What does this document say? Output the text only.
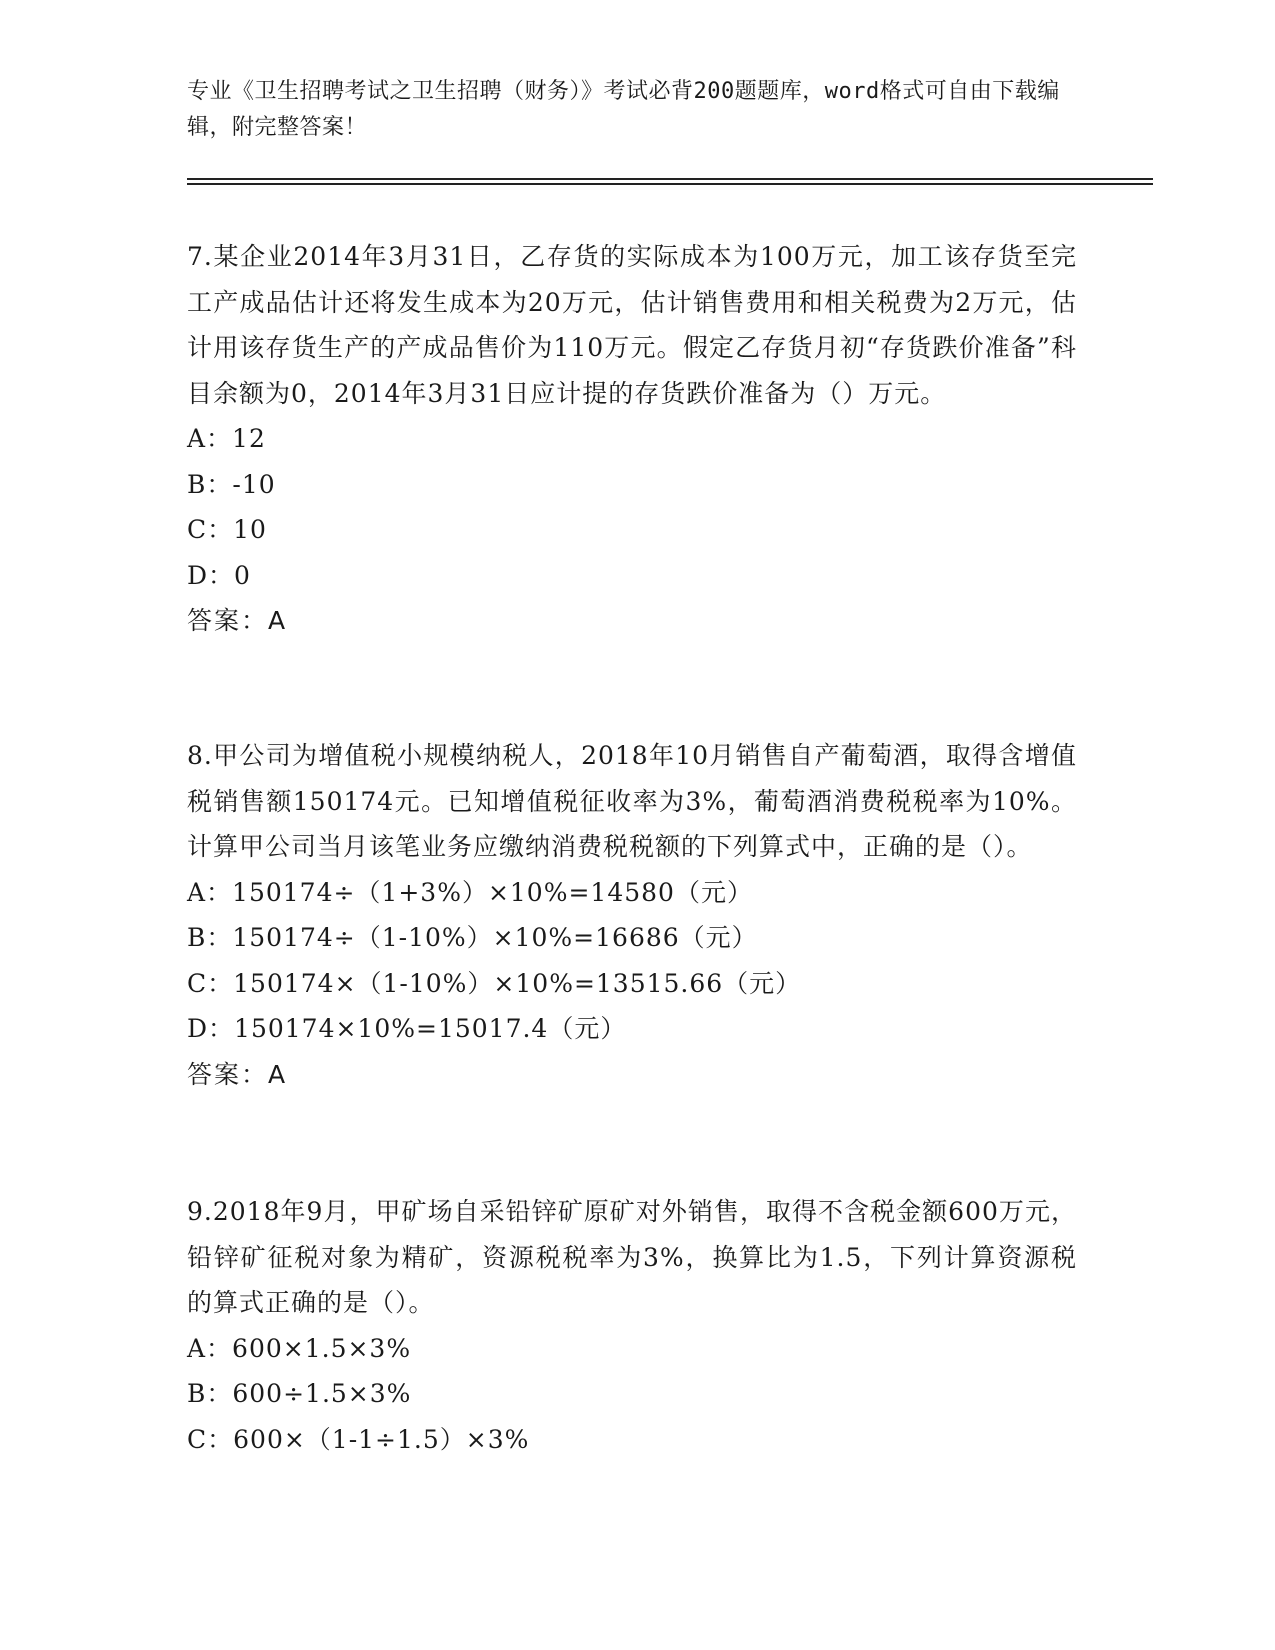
专业《卫生招聘考试之卫生招聘（财务）》考试必背200题题库，word格式可自由下载编辑，附完整答案！

7.某企业2014年3月31日，乙存货的实际成本为100万元，加工该存货至完工产成品估计还将发生成本为20万元，估计销售费用和相关税费为2万元，估计用该存货生产的产成品售价为110万元。假定乙存货月初“存货跌价准备”科目余额为0，2014年3月31日应计提的存货跌价准备为（）万元。

A：12

B：-10

C：10

D：0

答案：A

8.甲公司为增值税小规模纳税人，2018年10月销售自产葡萄酒，取得含增值税销售额150174元。已知增值税征收率为3%，葡萄酒消费税税率为10%。计算甲公司当月该笔业务应缴纳消费税税额的下列算式中，正确的是（）。

A：150174÷（1+3%）×10%=14580（元）

B：150174÷（1-10%）×10%=16686（元）

C：150174×（1-10%）×10%=13515.66（元）

D：150174×10%=15017.4（元）

答案：A

9.2018年9月，甲矿场自采铅锌矿原矿对外销售，取得不含税金额600万元，铅锌矿征税对象为精矿，资源税税率为3%，换算比为1.5，下列计算资源税的算式正确的是（）。

A：600×1.5×3%

B：600÷1.5×3%

C：600×（1-1÷1.5）×3%
